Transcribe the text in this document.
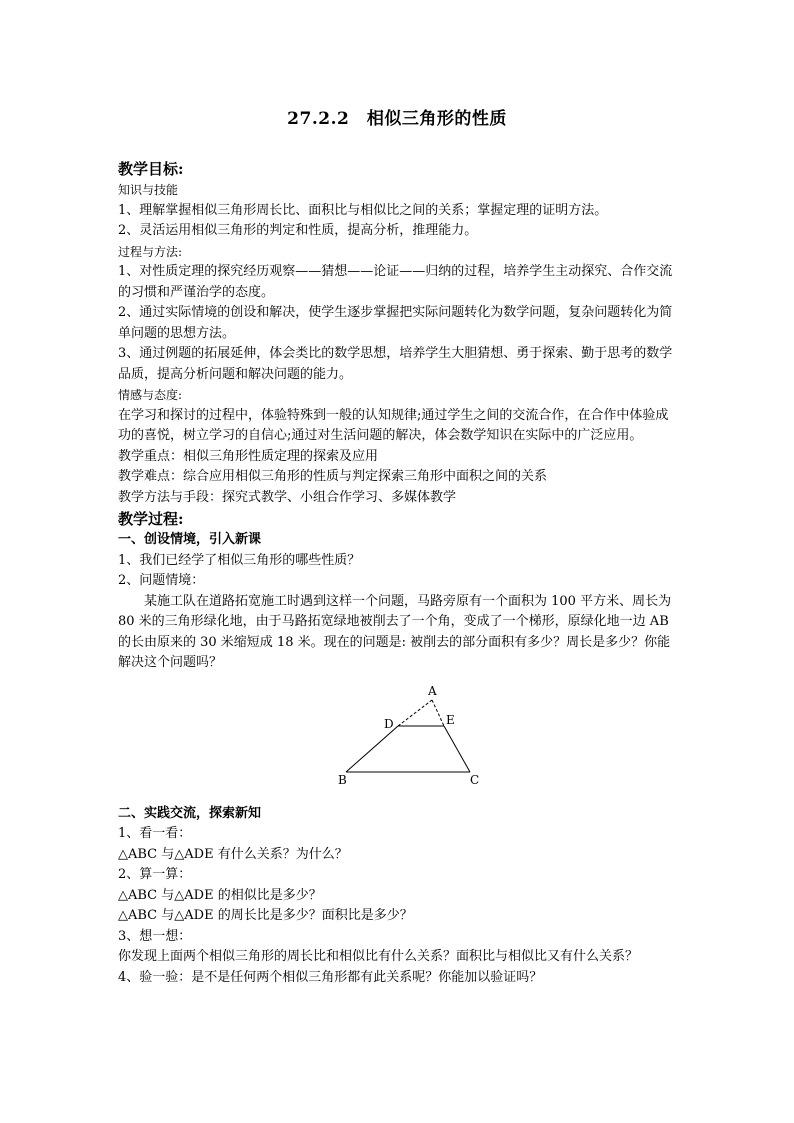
27.2.2　相似三角形的性质

教学目标:

知识与技能

1、理解掌握相似三角形周长比、面积比与相似比之间的关系；掌握定理的证明方法。

2、灵活运用相似三角形的判定和性质，提高分析，推理能力。

过程与方法:

1、对性质定理的探究经历观察——猜想——论证——归纳的过程，培养学生主动探究、合作交流的习惯和严谨治学的态度。

2、通过实际情境的创设和解决，使学生逐步掌握把实际问题转化为数学问题，复杂问题转化为简单问题的思想方法。

3、通过例题的拓展延伸，体会类比的数学思想，培养学生大胆猜想、勇于探索、勤于思考的数学品质，提高分析问题和解决问题的能力。

情感与态度:

在学习和探讨的过程中，体验特殊到一般的认知规律;通过学生之间的交流合作，在合作中体验成功的喜悦，树立学习的自信心;通过对生活问题的解决，体会数学知识在实际中的广泛应用。

教学重点：相似三角形性质定理的探索及应用

教学难点：综合应用相似三角形的性质与判定探索三角形中面积之间的关系

教学方法与手段：探究式教学、小组合作学习、多媒体教学

教学过程:

一、创设情境，引入新课

1、我们已经学了相似三角形的哪些性质？

2、问题情境：

某施工队在道路拓宽施工时遇到这样一个问题，马路旁原有一个面积为 100 平方米、周长为 80 米的三角形绿化地，由于马路拓宽绿地被削去了一个角，变成了一个梯形，原绿化地一边 AB 的长由原来的 30 米缩短成 18 米。现在的问题是: 被削去的部分面积有多少？周长是多少？你能解决这个问题吗？

A
B	C
D	E

二、实践交流，探索新知

1、看一看：

△ABC 与△ADE 有什么关系？为什么？

2、算一算：

△ABC 与△ADE 的相似比是多少？

△ABC 与△ADE 的周长比是多少？面积比是多少？

3、想一想：

你发现上面两个相似三角形的周长比和相似比有什么关系？面积比与相似比又有什么关系？

4、验一验：是不是任何两个相似三角形都有此关系呢？你能加以验证吗？
